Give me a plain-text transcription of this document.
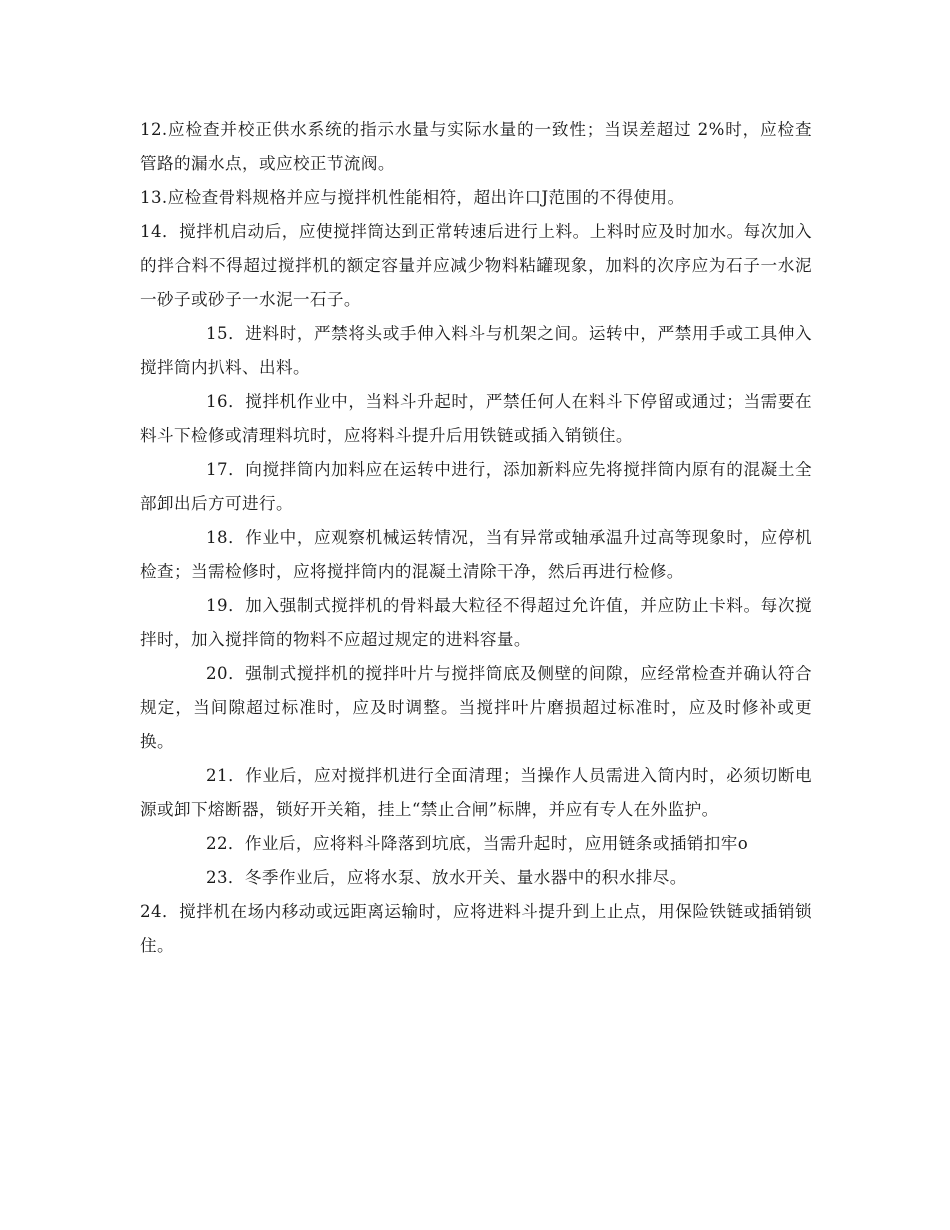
12.应检查并校正供水系统的指示水量与实际水量的一致性；当误差超过 2%时，应检查管路的漏水点，或应校正节流阀。

13.应检查骨料规格并应与搅拌机性能相符，超出许口J范围的不得使用。

14．搅拌机启动后，应使搅拌筒达到正常转速后进行上料。上料时应及时加水。每次加入的拌合料不得超过搅拌机的额定容量并应减少物料粘罐现象，加料的次序应为石子一水泥一砂子或砂子一水泥一石子。

15．进料时，严禁将头或手伸入料斗与机架之间。运转中，严禁用手或工具伸入搅拌筒内扒料、出料。

16．搅拌机作业中，当料斗升起时，严禁任何人在料斗下停留或通过；当需要在料斗下检修或清理料坑时，应将料斗提升后用铁链或插入销锁住。

17．向搅拌筒内加料应在运转中进行，添加新料应先将搅拌筒内原有的混凝土全部卸出后方可进行。

18．作业中，应观察机械运转情况，当有异常或轴承温升过高等现象时，应停机检查；当需检修时，应将搅拌筒内的混凝土清除干净，然后再进行检修。

19．加入强制式搅拌机的骨料最大粒径不得超过允许值，并应防止卡料。每次搅拌时，加入搅拌筒的物料不应超过规定的进料容量。

20．强制式搅拌机的搅拌叶片与搅拌筒底及侧壁的间隙，应经常检查并确认符合规定，当间隙超过标准时，应及时调整。当搅拌叶片磨损超过标准时，应及时修补或更换。

21．作业后，应对搅拌机进行全面清理；当操作人员需进入筒内时，必须切断电源或卸下熔断器，锁好开关箱，挂上“禁止合闸”标牌，并应有专人在外监护。

22．作业后，应将料斗降落到坑底，当需升起时，应用链条或插销扣牢o

23．冬季作业后，应将水泵、放水开关、量水器中的积水排尽。

24．搅拌机在场内移动或远距离运输时，应将进料斗提升到上止点，用保险铁链或插销锁住。
